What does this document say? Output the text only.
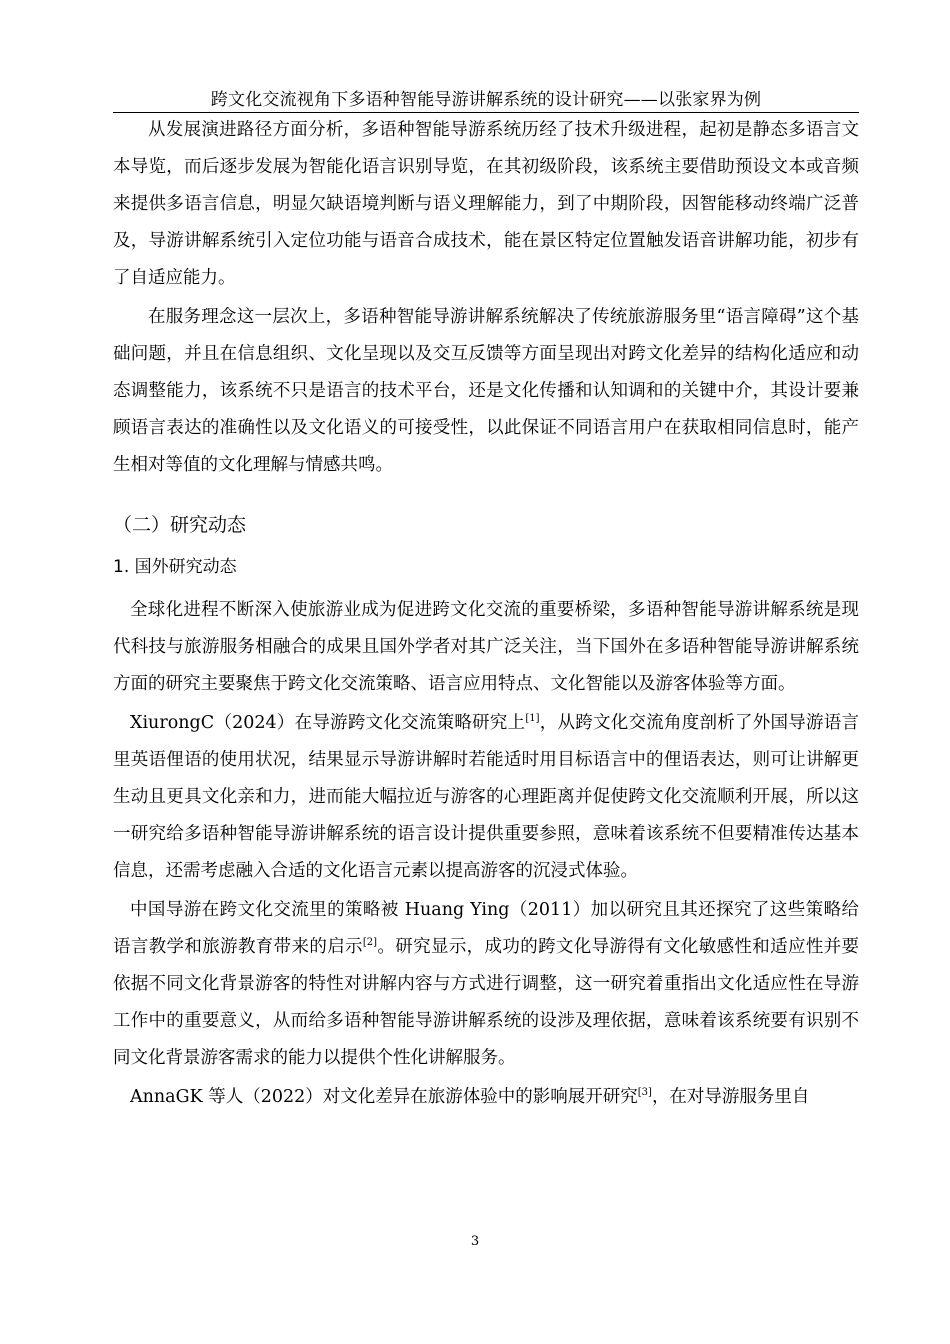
跨文化交流视角下多语种智能导游讲解系统的设计研究——以张家界为例

从发展演进路径方面分析，多语种智能导游系统历经了技术升级进程，起初是静态多语言文本导览，而后逐步发展为智能化语言识别导览，在其初级阶段，该系统主要借助预设文本或音频来提供多语言信息，明显欠缺语境判断与语义理解能力，到了中期阶段，因智能移动终端广泛普及，导游讲解系统引入定位功能与语音合成技术，能在景区特定位置触发语音讲解功能，初步有了自适应能力。

在服务理念这一层次上，多语种智能导游讲解系统解决了传统旅游服务里“语言障碍”这个基础问题，并且在信息组织、文化呈现以及交互反馈等方面呈现出对跨文化差异的结构化适应和动态调整能力，该系统不只是语言的技术平台，还是文化传播和认知调和的关键中介，其设计要兼顾语言表达的准确性以及文化语义的可接受性，以此保证不同语言用户在获取相同信息时，能产生相对等值的文化理解与情感共鸣。

（二）研究动态
1. 国外研究动态

全球化进程不断深入使旅游业成为促进跨文化交流的重要桥梁，多语种智能导游讲解系统是现代科技与旅游服务相融合的成果且国外学者对其广泛关注，当下国外在多语种智能导游讲解系统方面的研究主要聚焦于跨文化交流策略、语言应用特点、文化智能以及游客体验等方面。

XiurongC（2024）在导游跨文化交流策略研究上[1]，从跨文化交流角度剖析了外国导游语言里英语俚语的使用状况，结果显示导游讲解时若能适时用目标语言中的俚语表达，则可让讲解更生动且更具文化亲和力，进而能大幅拉近与游客的心理距离并促使跨文化交流顺利开展，所以这一研究给多语种智能导游讲解系统的语言设计提供重要参照，意味着该系统不但要精准传达基本信息，还需考虑融入合适的文化语言元素以提高游客的沉浸式体验。

中国导游在跨文化交流里的策略被 Huang Ying（2011）加以研究且其还探究了这些策略给语言教学和旅游教育带来的启示[2]。研究显示，成功的跨文化导游得有文化敏感性和适应性并要依据不同文化背景游客的特性对讲解内容与方式进行调整，这一研究着重指出文化适应性在导游工作中的重要意义，从而给多语种智能导游讲解系统的设涉及理依据，意味着该系统要有识别不同文化背景游客需求的能力以提供个性化讲解服务。

AnnaGK 等人（2022）对文化差异在旅游体验中的影响展开研究[3]，在对导游服务里自

3
